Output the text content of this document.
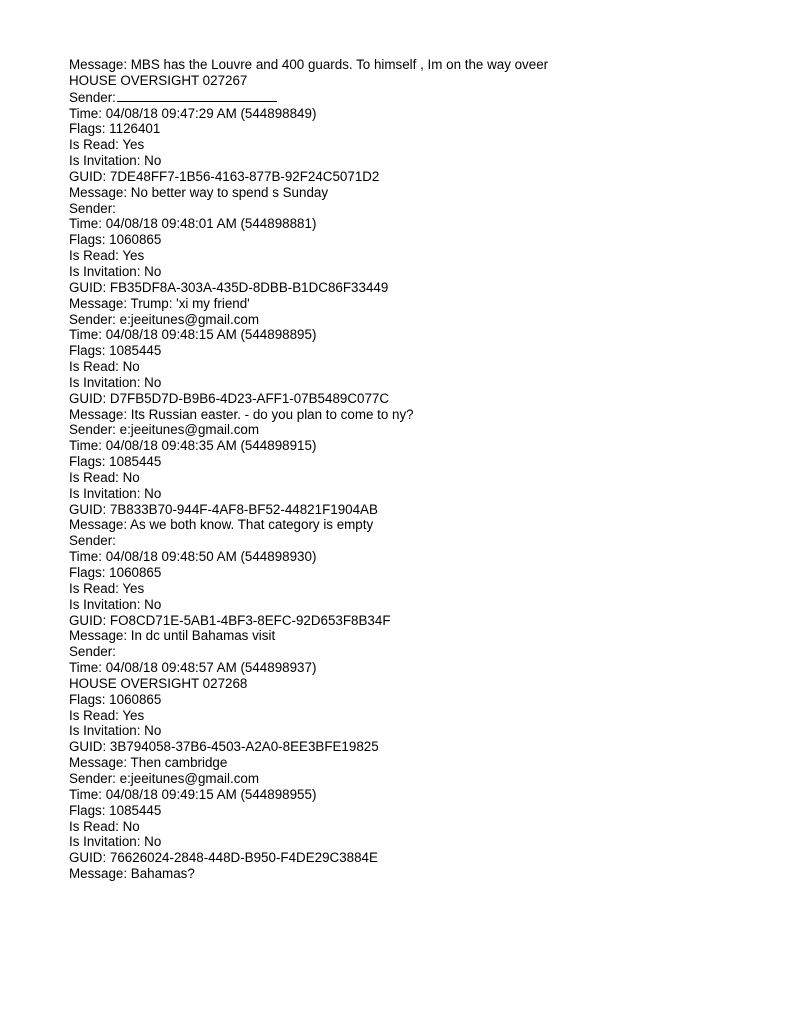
Message: MBS has the Louvre and 400 guards. To himself , Im on the way oveer
HOUSE OVERSIGHT 027267
Sender:
Time: 04/08/18 09:47:29 AM (544898849)
Flags: 1126401
Is Read: Yes
Is Invitation: No
GUID: 7DE48FF7-1B56-4163-877B-92F24C5071D2
Message: No better way to spend s Sunday
Sender:
Time: 04/08/18 09:48:01 AM (544898881)
Flags: 1060865
Is Read: Yes
Is Invitation: No
GUID: FB35DF8A-303A-435D-8DBB-B1DC86F33449
Message: Trump: 'xi my friend'
Sender: e:jeeitunes@gmail.com
Time: 04/08/18 09:48:15 AM (544898895)
Flags: 1085445
Is Read: No
Is Invitation: No
GUID: D7FB5D7D-B9B6-4D23-AFF1-07B5489C077C
Message: Its Russian easter. - do you plan to come to ny?
Sender: e:jeeitunes@gmail.com
Time: 04/08/18 09:48:35 AM (544898915)
Flags: 1085445
Is Read: No
Is Invitation: No
GUID: 7B833B70-944F-4AF8-BF52-44821F1904AB
Message: As we both know. That category is empty
Sender:
Time: 04/08/18 09:48:50 AM (544898930)
Flags: 1060865
Is Read: Yes
Is Invitation: No
GUID: FO8CD71E-5AB1-4BF3-8EFC-92D653F8B34F
Message: In dc until Bahamas visit
Sender:
Time: 04/08/18 09:48:57 AM (544898937)
HOUSE OVERSIGHT 027268
Flags: 1060865
Is Read: Yes
Is Invitation: No
GUID: 3B794058-37B6-4503-A2A0-8EE3BFE19825
Message: Then cambridge
Sender: e:jeeitunes@gmail.com
Time: 04/08/18 09:49:15 AM (544898955)
Flags: 1085445
Is Read: No
Is Invitation: No
GUID: 76626024-2848-448D-B950-F4DE29C3884E
Message: Bahamas?
